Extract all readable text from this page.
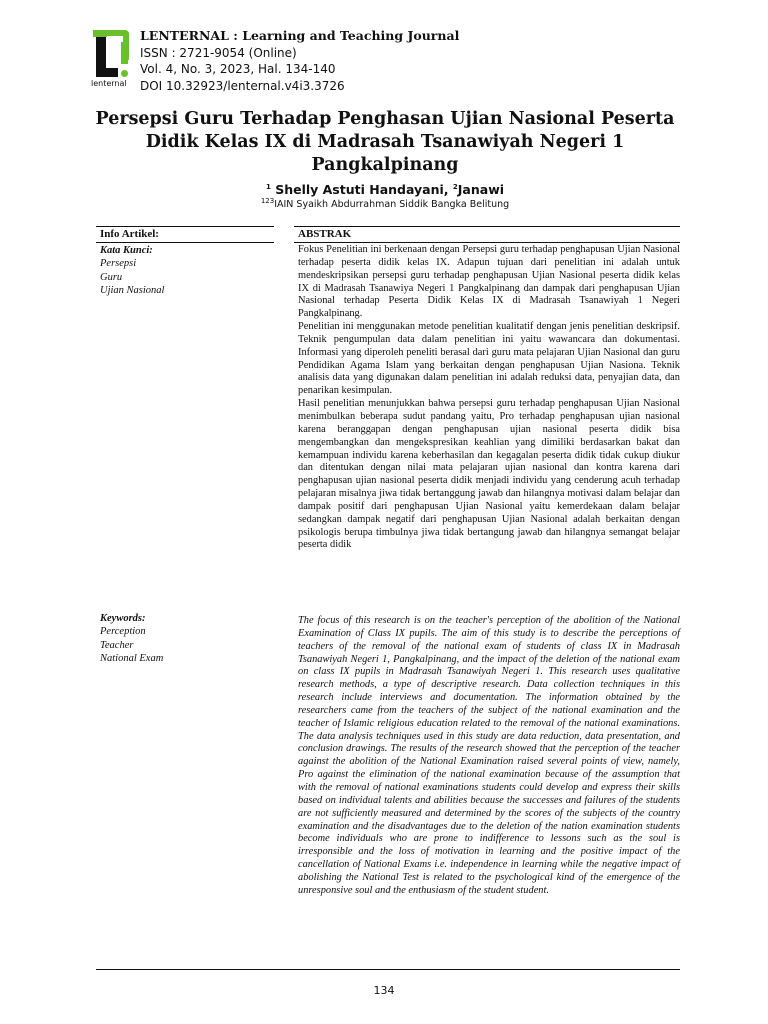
lenternal
LENTERNAL : Learning and Teaching Journal
ISSN : 2721-9054 (Online)
Vol. 4, No. 3, 2023, Hal. 134-140
DOI 10.32923/lenternal.v4i3.3726
Persepsi Guru Terhadap Penghasan Ujian Nasional Peserta Didik Kelas IX di Madrasah Tsanawiyah Negeri 1 Pangkalpinang
$^1$ Shelly Astuti Handayani, $^2$Janawi
$^{123}$IAIN Syaikh Abdurrahman Siddik Bangka Belitung
Info Artikel:	ABSTRAK
Kata Kunci:
Persepsi
Guru
Ujian Nasional
Keywords:
Perception
Teacher
National Exam

Fokus Penelitian ini berkenaan dengan Persepsi guru terhadap penghapusan Ujian Nasional terhadap peserta didik kelas IX. Adapun tujuan dari penelitian ini adalah untuk mendeskripsikan persepsi guru terhadap penghapusan Ujian Nasional peserta didik kelas IX di Madrasah Tsanawiya Negeri 1 Pangkalpinang dan dampak dari penghapusan Ujian Nasional terhadap Peserta Didik Kelas IX di Madrasah Tsanawiyah 1 Negeri Pangkalpinang.

Penelitian ini menggunakan metode penelitian kualitatif dengan jenis penelitian deskripsif. Teknik pengumpulan data dalam penelitian ini yaitu wawancara dan dokumentasi. Informasi yang diperoleh peneliti berasal dari guru mata pelajaran Ujian Nasional dan guru Pendidikan Agama Islam yang berkaitan dengan penghapusan Ujian Nasiona. Teknik analisis data yang digunakan dalam penelitian ini adalah reduksi data, penyajian data, dan penarikan kesimpulan.

Hasil penelitian menunjukkan bahwa persepsi guru terhadap penghapusan Ujian Nasional menimbulkan beberapa sudut pandang yaitu, Pro terhadap penghapusan ujian nasional karena beranggapan dengan penghapusan ujian nasional peserta didik bisa mengembangkan dan mengekspresikan keahlian yang dimiliki berdasarkan bakat dan kemampuan individu karena keberhasilan dan kegagalan peserta didik tidak cukup diukur dan ditentukan dengan nilai mata pelajaran ujian nasional dan kontra karena dari penghapusan ujian nasional peserta didik menjadi individu yang cenderung acuh terhadap pelajaran misalnya jiwa tidak bertanggung jawab dan hilangnya motivasi dalam belajar dan dampak positif dari penghapusan Ujian Nasional yaitu kemerdekaan dalam belajar sedangkan dampak negatif dari penghapusan Ujian Nasional adalah berkaitan dengan psikologis berupa timbulnya jiwa tidak bertangung jawab dan hilangnya semangat belajar peserta didik

The focus of this research is on the teacher's perception of the abolition of the National Examination of Class IX pupils. The aim of this study is to describe the perceptions of teachers of the removal of the national exam of students of class IX in Madrasah Tsanawiyah Negeri 1, Pangkalpinang, and the impact of the deletion of the national exam on class IX pupils in Madrasah Tsanawiyah Negeri 1. This research uses qualitative research methods, a type of descriptive research. Data collection techniques in this research include interviews and documentation. The information obtained by the researchers came from the teachers of the subject of the national examination and the teacher of Islamic religious education related to the removal of the national examinations. The data analysis techniques used in this study are data reduction, data presentation, and conclusion drawings. The results of the research showed that the perception of the teacher against the abolition of the National Examination raised several points of view, namely, Pro against the elimination of the national examination because of the assumption that with the removal of national examinations students could develop and express their skills based on individual talents and abilities because the successes and failures of the students are not sufficiently measured and determined by the scores of the subjects of the country examination and the disadvantages due to the deletion of the nation examination students become individuals who are prone to indifference to lessons such as the soul is irresponsible and the loss of motivation in learning and the positive impact of the cancellation of National Exams i.e. independence in learning while the negative impact of abolishing the National Test is related to the psychological kind of the emergence of the unresponsive soul and the enthusiasm of the student student.

134
